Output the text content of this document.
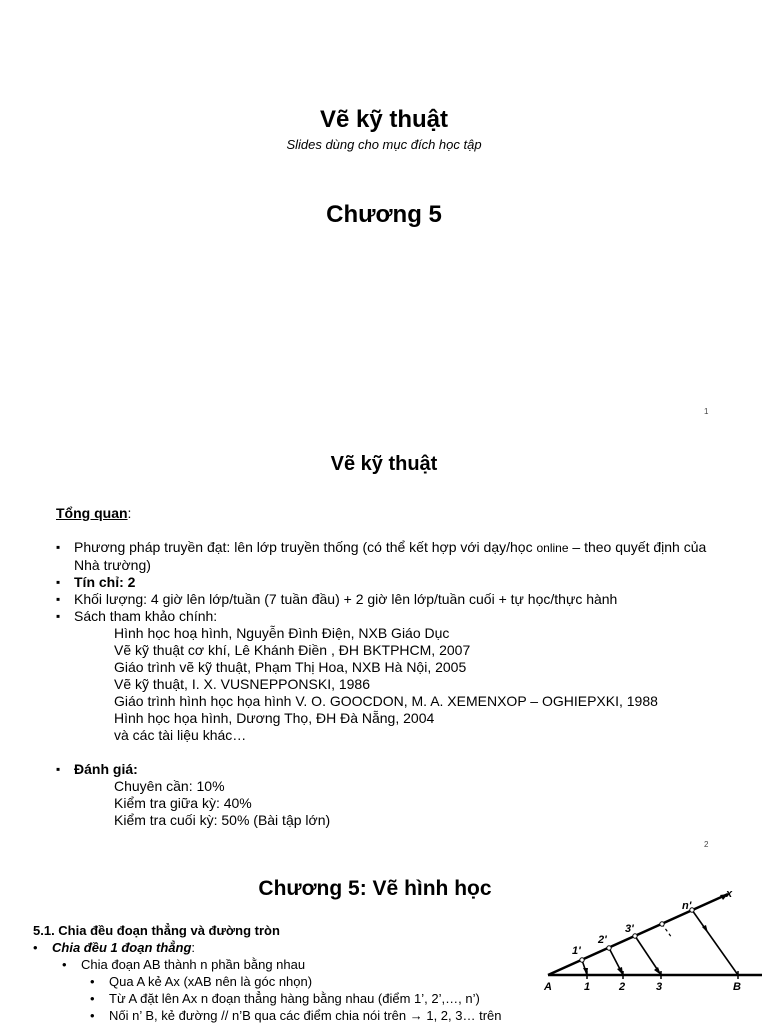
Vẽ kỹ thuật
Slides dùng cho mục đích học tập
Chương 5
1
Vẽ kỹ thuật
Tổng quan:
▪ Phương pháp truyền đạt: lên lớp truyền thống (có thể kết hợp với dạy/học online – theo quyết định của Nhà trường)
▪ Tín chỉ: 2
▪ Khối lượng: 4 giờ lên lớp/tuần (7 tuần đầu) + 2 giờ lên lớp/tuần cuối + tự học/thực hành
▪ Sách tham khảo chính:
Hình học hoạ hình, Nguyễn Đình Điện, NXB Giáo Dục
Vẽ kỹ thuật cơ khí, Lê Khánh Điền , ĐH BKTPHCM, 2007
Giáo trình vẽ kỹ thuật, Phạm Thị Hoa, NXB Hà Nội, 2005
Vẽ kỹ thuật, I. X. VUSNEPPONSKI, 1986
Giáo trình hình học họa hình V. O. GOOCDON, M. A. XEMENXOP – OGHIEPXKI, 1988
Hình học họa hình, Dương Thọ, ĐH Đà Nẵng, 2004
và các tài liệu khác…
▪ Đánh giá:
Chuyên cần: 10%
Kiểm tra giữa kỳ: 40%
Kiểm tra cuối kỳ: 50% (Bài tập lớn)
2
Chương 5: Vẽ hình học
5.1. Chia đều đoạn thẳng và đường tròn
• Chia đều 1 đoạn thẳng:
• Chia đoạn AB thành n phần bằng nhau
• Qua A kẻ Ax (xAB nên là góc nhọn)
• Từ A đặt lên Ax n đoạn thẳng hàng bằng nhau (điểm 1’, 2’,…, n’)
• Nối n’ B, kẻ đường // n’B qua các điểm chia nói trên → 1, 2, 3… trên
A	B
x
1	2	3
1'
2'
3'
n'
